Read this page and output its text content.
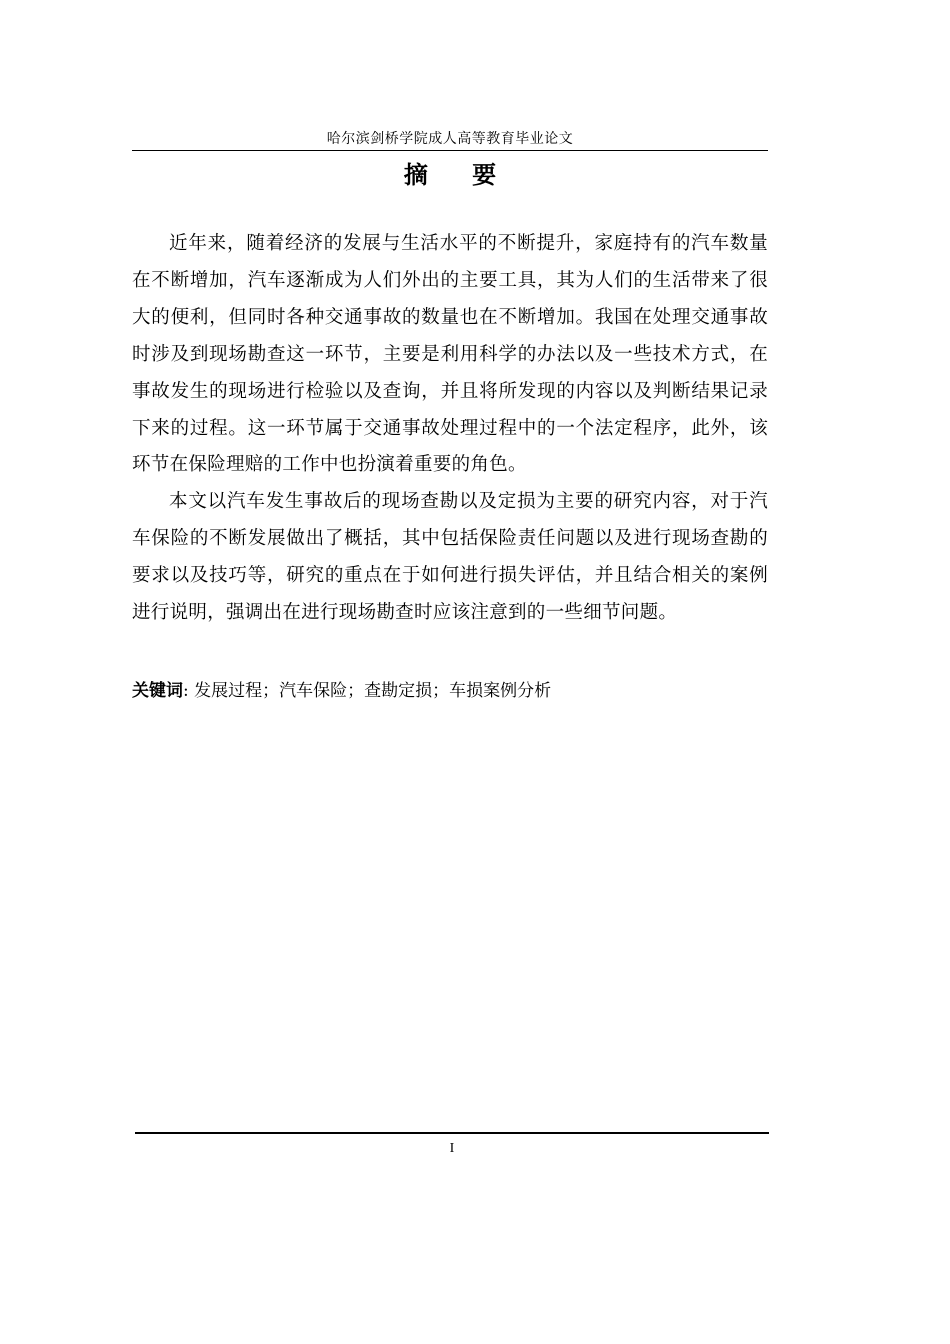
哈尔滨剑桥学院成人高等教育毕业论文
摘 要

近年来，随着经济的发展与生活水平的不断提升，家庭持有的汽车数量在不断增加，汽车逐渐成为人们外出的主要工具，其为人们的生活带来了很大的便利，但同时各种交通事故的数量也在不断增加。我国在处理交通事故时涉及到现场勘查这一环节，主要是利用科学的办法以及一些技术方式，在事故发生的现场进行检验以及查询，并且将所发现的内容以及判断结果记录下来的过程。这一环节属于交通事故处理过程中的一个法定程序，此外，该环节在保险理赔的工作中也扮演着重要的角色。

本文以汽车发生事故后的现场查勘以及定损为主要的研究内容，对于汽车保险的不断发展做出了概括，其中包括保险责任问题以及进行现场查勘的要求以及技巧等，研究的重点在于如何进行损失评估，并且结合相关的案例进行说明，强调出在进行现场勘查时应该注意到的一些细节问题。

关键词: 发展过程；汽车保险；查勘定损；车损案例分析
I
